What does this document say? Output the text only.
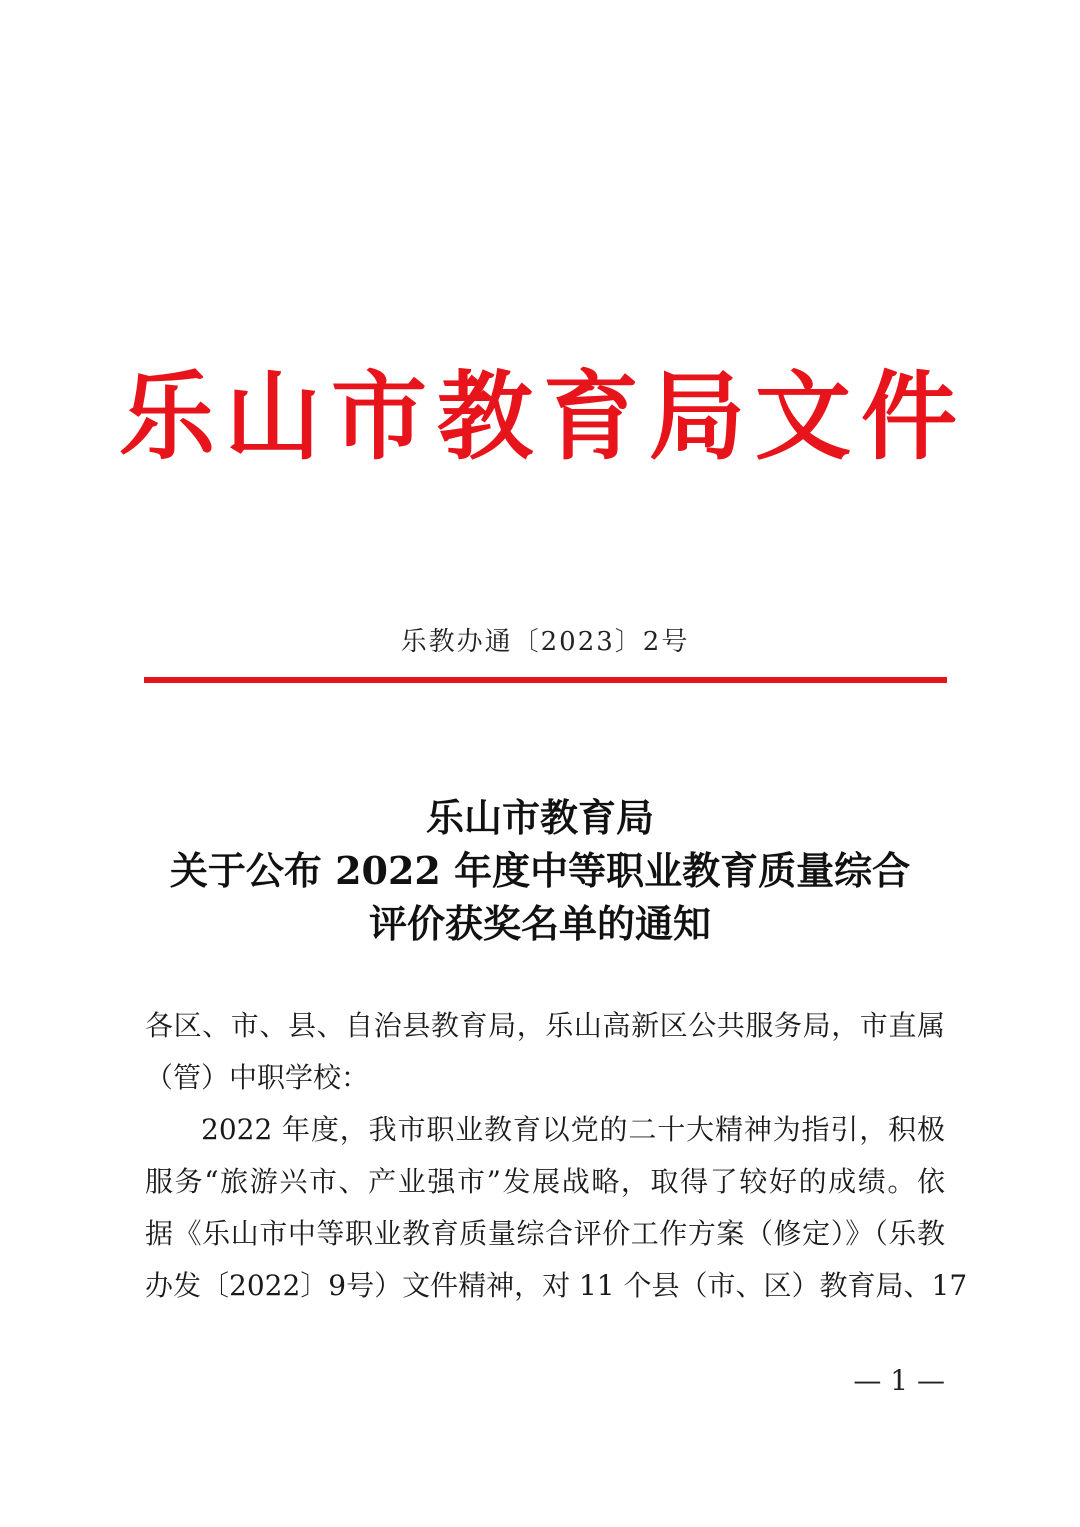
乐山市教育局文件
乐教办通〔2023〕2号
乐山市教育局
关于公布 2022 年度中等职业教育质量综合
评价获奖名单的通知
各区、市、县、自治县教育局，乐山高新区公共服务局，市直属
（管）中职学校：
2022 年度，我市职业教育以党的二十大精神为指引，积极
服务“旅游兴市、产业强市”发展战略，取得了较好的成绩。依
据《乐山市中等职业教育质量综合评价工作方案（修定）》（乐教
办发〔2022〕9号）文件精神，对 11 个县（市、区）教育局、17
— 1 —
